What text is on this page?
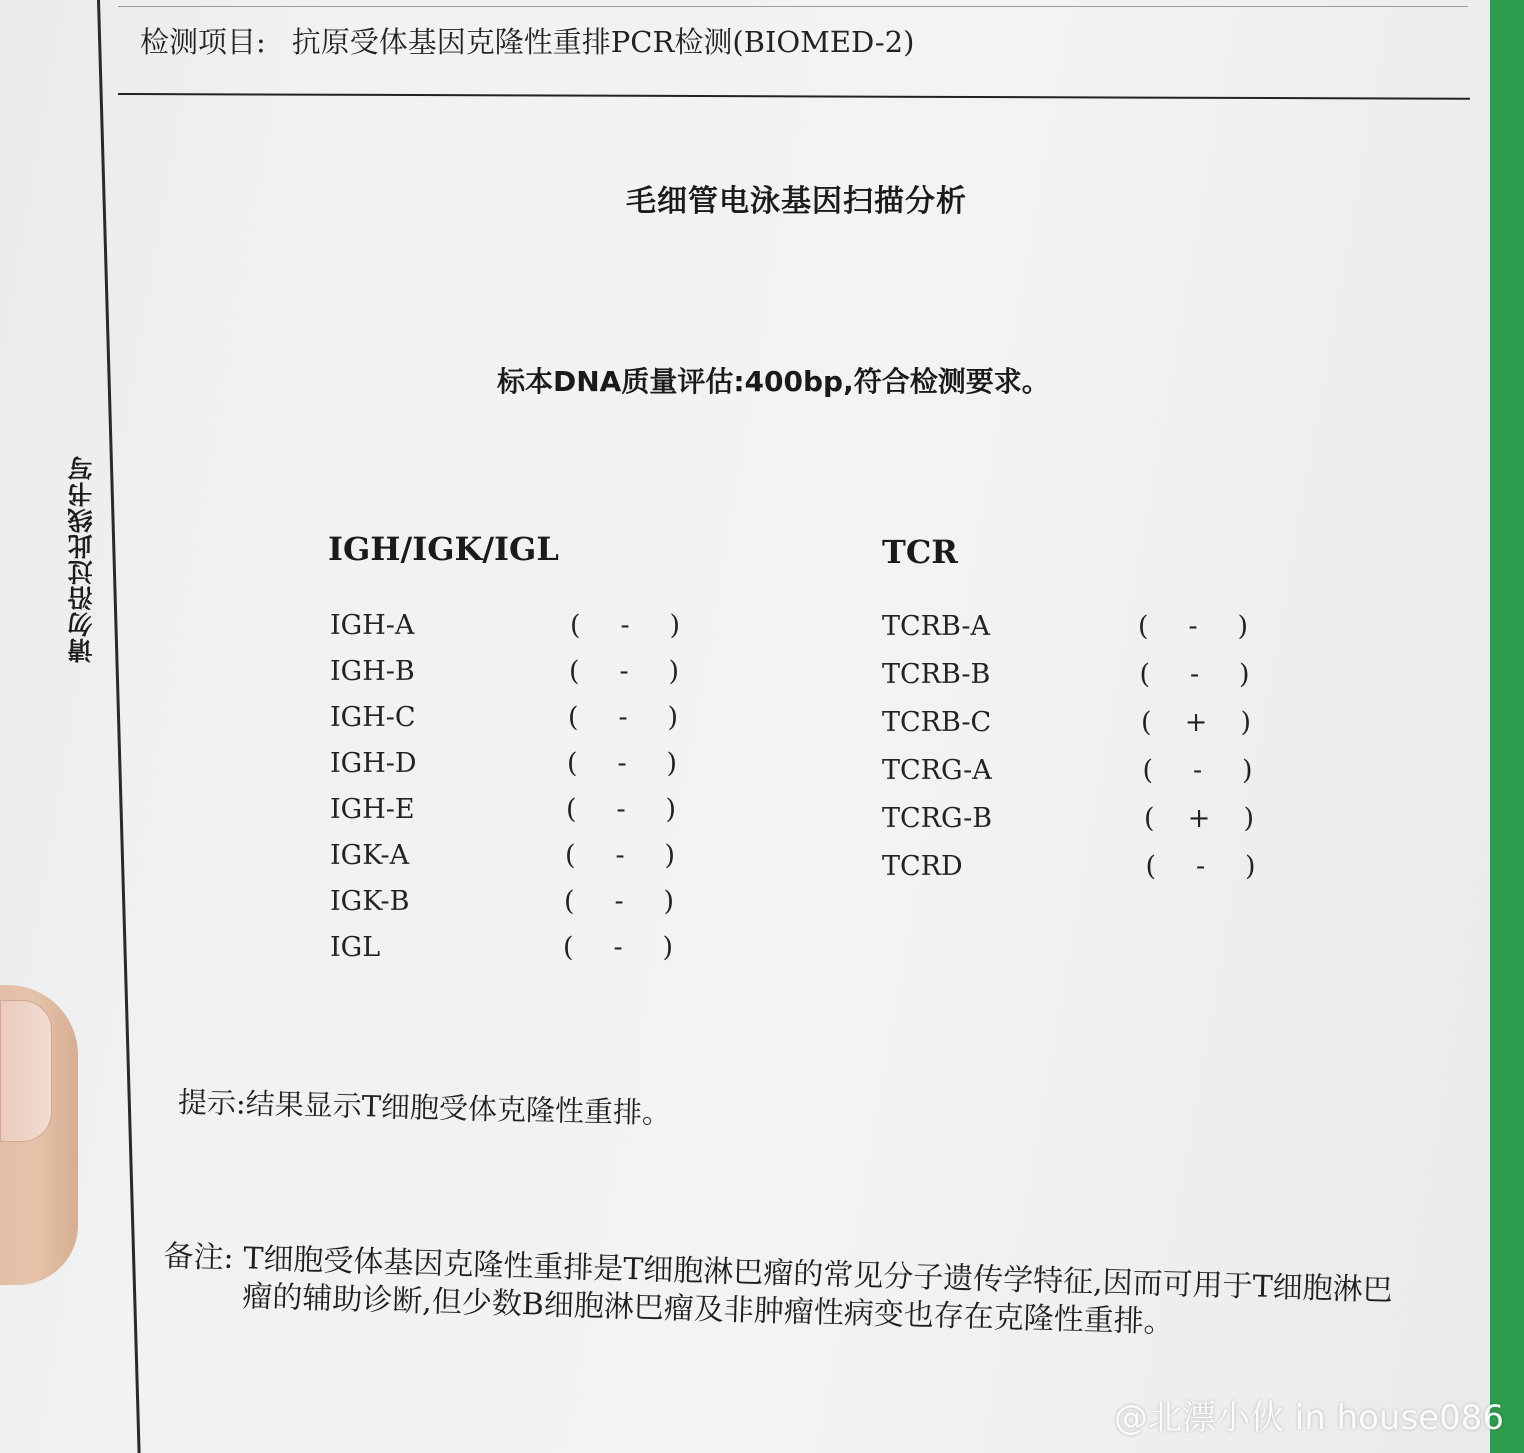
请勿沿过此线书写
检测项目: 抗原受体基因克隆性重排PCR检测(BIOMED-2)
毛细管电泳基因扫描分析
标本DNA质量评估:400bp,符合检测要求。
IGH/IGK/IGL
IGH-A	(	-	)
IGH-B	(	-	)
IGH-C	(	-	)
IGH-D	(	-	)
IGH-E	(	-	)
IGK-A	(	-	)
IGK-B	(	-	)
IGL	(	-	)
TCR
TCRB-A	(	-	)
TCRB-B	(	-	)
TCRB-C	( + )
TCRG-A	(	-	)
TCRG-B	( + )
TCRD	(	-	)
提示:结果显示T细胞受体克隆性重排。
备注: T细胞受体基因克隆性重排是T细胞淋巴瘤的常见分子遗传学特征,因而可用于T细胞淋巴瘤的辅助诊断,但少数B细胞淋巴瘤及非肿瘤性病变也存在克隆性重排。
@北漂小伙 in house086
